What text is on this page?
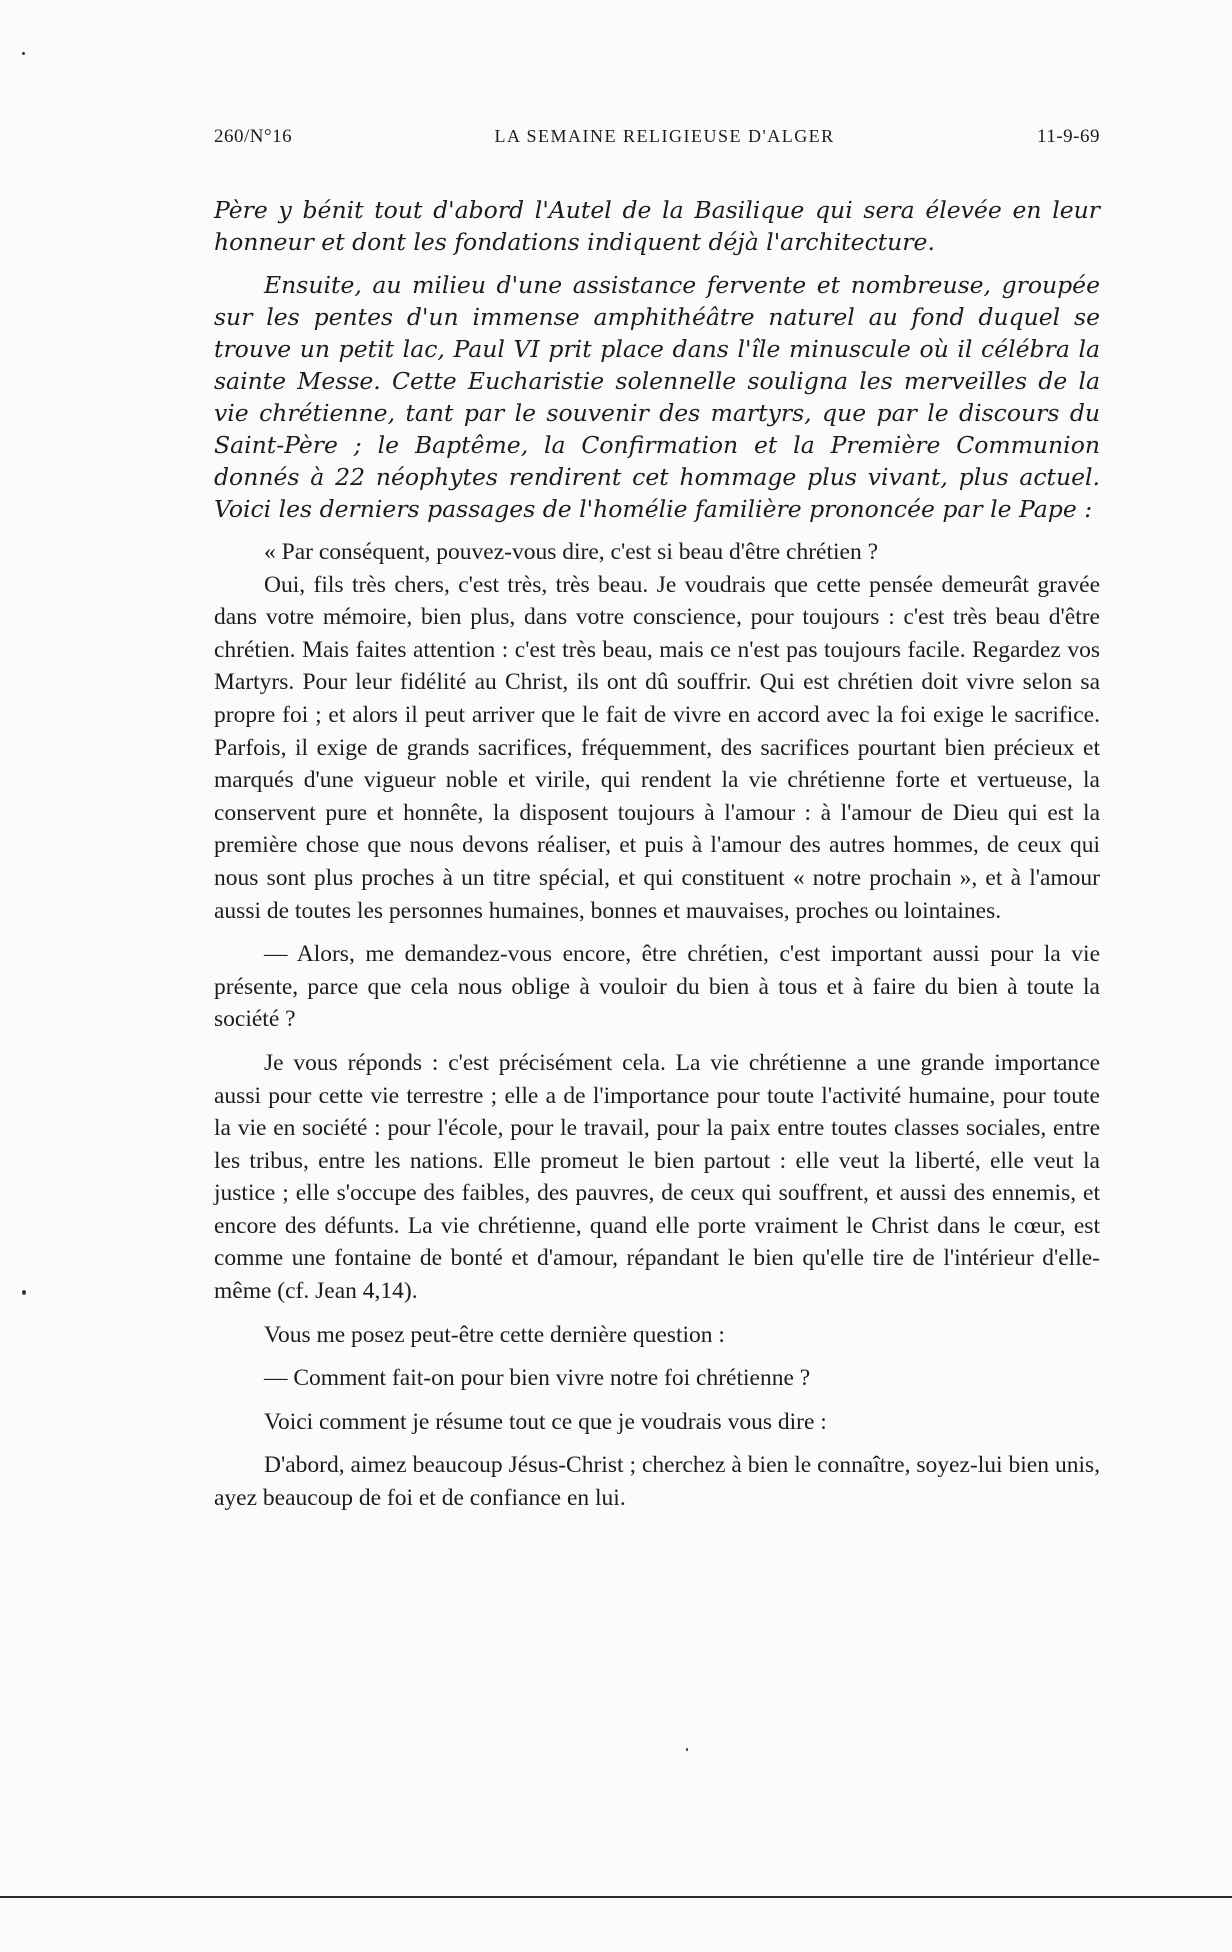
260/N°16	LA SEMAINE RELIGIEUSE D'ALGER	11-9-69

Père y bénit tout d'abord l'Autel de la Basilique qui sera élevée en leur honneur et dont les fondations indiquent déjà l'architecture.

Ensuite, au milieu d'une assistance fervente et nombreuse, groupée sur les pentes d'un immense amphithéâtre naturel au fond duquel se trouve un petit lac, Paul VI prit place dans l'île minuscule où il célébra la sainte Messe. Cette Eucharistie solennelle souligna les merveilles de la vie chrétienne, tant par le souvenir des martyrs, que par le discours du Saint-Père ; le Baptême, la Confirmation et la Première Communion donnés à 22 néophytes rendirent cet hommage plus vivant, plus actuel. Voici les derniers passages de l'homélie familière prononcée par le Pape :

« Par conséquent, pouvez-vous dire, c'est si beau d'être chrétien ?

Oui, fils très chers, c'est très, très beau. Je voudrais que cette pensée demeurât gravée dans votre mémoire, bien plus, dans votre conscience, pour toujours : c'est très beau d'être chrétien. Mais faites attention : c'est très beau, mais ce n'est pas toujours facile. Regardez vos Martyrs. Pour leur fidélité au Christ, ils ont dû souffrir. Qui est chrétien doit vivre selon sa propre foi ; et alors il peut arriver que le fait de vivre en accord avec la foi exige le sacrifice. Parfois, il exige de grands sacrifices, fréquemment, des sacrifices pourtant bien précieux et marqués d'une vigueur noble et virile, qui rendent la vie chrétienne forte et vertueuse, la conservent pure et honnête, la disposent toujours à l'amour : à l'amour de Dieu qui est la première chose que nous devons réaliser, et puis à l'amour des autres hommes, de ceux qui nous sont plus proches à un titre spécial, et qui constituent « notre prochain », et à l'amour aussi de toutes les personnes humaines, bonnes et mauvaises, proches ou lointaines.

— Alors, me demandez-vous encore, être chrétien, c'est important aussi pour la vie présente, parce que cela nous oblige à vouloir du bien à tous et à faire du bien à toute la société ?

Je vous réponds : c'est précisément cela. La vie chrétienne a une grande importance aussi pour cette vie terrestre ; elle a de l'importance pour toute l'activité humaine, pour toute la vie en société : pour l'école, pour le travail, pour la paix entre toutes classes sociales, entre les tribus, entre les nations. Elle promeut le bien partout : elle veut la liberté, elle veut la justice ; elle s'occupe des faibles, des pauvres, de ceux qui souffrent, et aussi des ennemis, et encore des défunts. La vie chrétienne, quand elle porte vraiment le Christ dans le cœur, est comme une fontaine de bonté et d'amour, répandant le bien qu'elle tire de l'intérieur d'elle-même (cf. Jean 4,14).

Vous me posez peut-être cette dernière question :

— Comment fait-on pour bien vivre notre foi chrétienne ?

Voici comment je résume tout ce que je voudrais vous dire :

D'abord, aimez beaucoup Jésus-Christ ; cherchez à bien le connaître, soyez-lui bien unis, ayez beaucoup de foi et de confiance en lui.
